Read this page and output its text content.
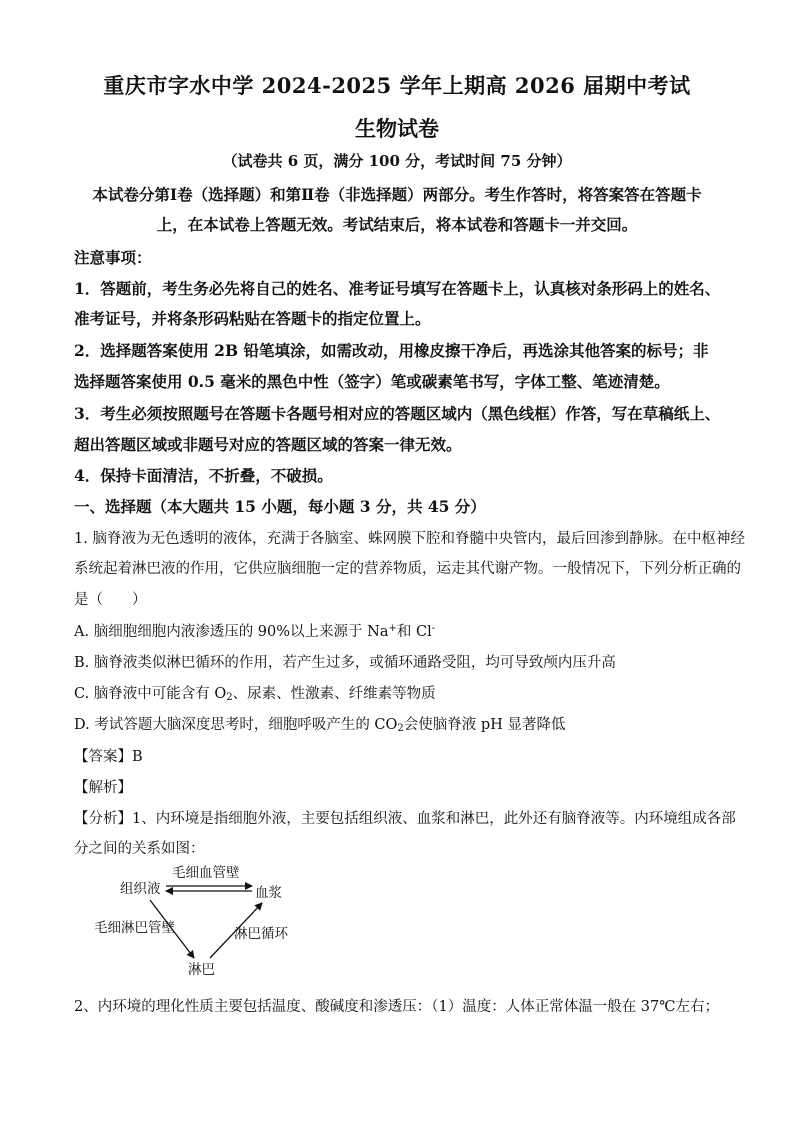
重庆市字水中学 2024-2025 学年上期高 2026 届期中考试
生物试卷
（试卷共 6 页，满分 100 分，考试时间 75 分钟）
本试卷分第Ⅰ卷（选择题）和第Ⅱ卷（非选择题）两部分。考生作答时，将答案答在答题卡
上，在本试卷上答题无效。考试结束后，将本试卷和答题卡一并交回。
注意事项：
1．答题前，考生务必先将自己的姓名、准考证号填写在答题卡上，认真核对条形码上的姓名、
准考证号，并将条形码粘贴在答题卡的指定位置上。
2．选择题答案使用 2B 铅笔填涂，如需改动，用橡皮擦干净后，再选涂其他答案的标号；非
选择题答案使用 0.5 毫米的黑色中性（签字）笔或碳素笔书写，字体工整、笔迹清楚。
3．考生必须按照题号在答题卡各题号相对应的答题区域内（黑色线框）作答，写在草稿纸上、
超出答题区域或非题号对应的答题区域的答案一律无效。
4．保持卡面清洁，不折叠，不破损。
一、选择题（本大题共 15 小题，每小题 3 分，共 45 分）
1. 脑脊液为无色透明的液体，充满于各脑室、蛛网膜下腔和脊髓中央管内，最后回渗到静脉。在中枢神经
系统起着淋巴液的作用，它供应脑细胞一定的营养物质，运走其代谢产物。一般情况下，下列分析正确的
是（　　）
A. 脑细胞细胞内液渗透压的 90%以上来源于 Na+和 Cl-
B. 脑脊液类似淋巴循环的作用，若产生过多，或循环通路受阻，均可导致颅内压升高
C. 脑脊液中可能含有 $O_2$、尿素、性激素、纤维素等物质
D. 考试答题大脑深度思考时，细胞呼吸产生的 $CO_2$会使脑脊液 pH 显著降低
【答案】B
【解析】
【分析】1、内环境是指细胞外液，主要包括组织液、血浆和淋巴，此外还有脑脊液等。内环境组成各部
分之间的关系如图：
组织液	血浆
淋巴
毛细血管壁
毛细淋巴管壁	淋巴循环
2、内环境的理化性质主要包括温度、酸碱度和渗透压：（1）温度：人体正常体温一般在 37℃左右；
